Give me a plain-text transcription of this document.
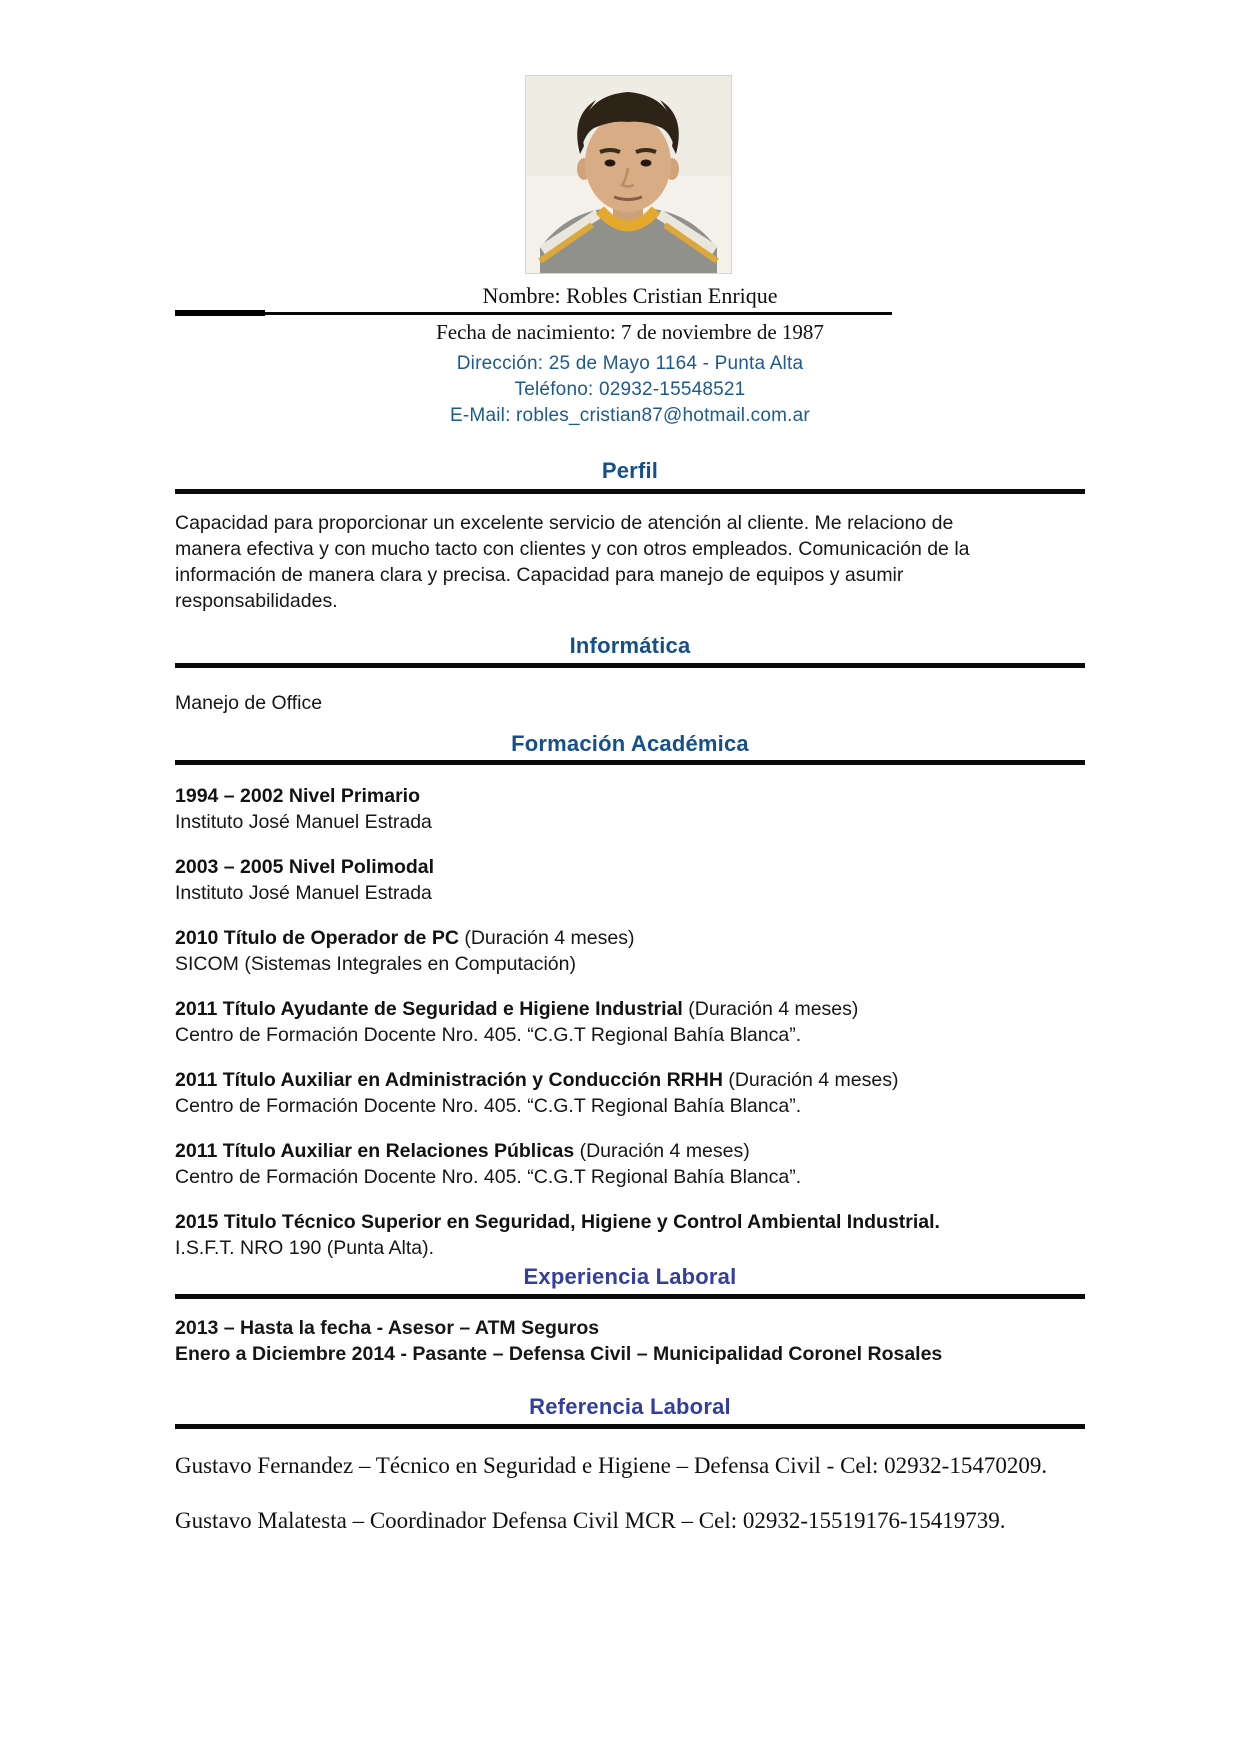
Nombre: Robles Cristian Enrique

Fecha de nacimiento: 7 de noviembre de 1987

Dirección: 25 de Mayo 1164 - Punta Alta

Teléfono: 02932-15548521

E-Mail: robles_cristian87@hotmail.com.ar

Perfil

Capacidad para proporcionar un excelente servicio de atención al cliente. Me relaciono de manera efectiva y con mucho tacto con clientes y con otros empleados. Comunicación de la información de manera clara y precisa. Capacidad para manejo de equipos y asumir responsabilidades.

Informática

Manejo de Office

Formación Académica

1994 – 2002 Nivel Primario

Instituto José Manuel Estrada

2003 – 2005 Nivel Polimodal

Instituto José Manuel Estrada

2010 Título de Operador de PC (Duración 4 meses)

SICOM (Sistemas Integrales en Computación)

2011 Título Ayudante de Seguridad e Higiene Industrial (Duración 4 meses)

Centro de Formación Docente Nro. 405. “C.G.T Regional Bahía Blanca”.

2011 Título Auxiliar en Administración y Conducción RRHH (Duración 4 meses)

Centro de Formación Docente Nro. 405. “C.G.T Regional Bahía Blanca”.

2011 Título Auxiliar en Relaciones Públicas (Duración 4 meses)

Centro de Formación Docente Nro. 405. “C.G.T Regional Bahía Blanca”.

2015 Titulo Técnico Superior en Seguridad, Higiene y Control Ambiental Industrial.

I.S.F.T. NRO 190 (Punta Alta).

Experiencia Laboral

2013 – Hasta la fecha - Asesor – ATM Seguros

Enero a Diciembre 2014 - Pasante – Defensa Civil – Municipalidad Coronel Rosales

Referencia Laboral

Gustavo Fernandez – Técnico en Seguridad e Higiene – Defensa Civil - Cel: 02932-15470209.

Gustavo Malatesta – Coordinador Defensa Civil MCR – Cel: 02932-15519176-15419739.
